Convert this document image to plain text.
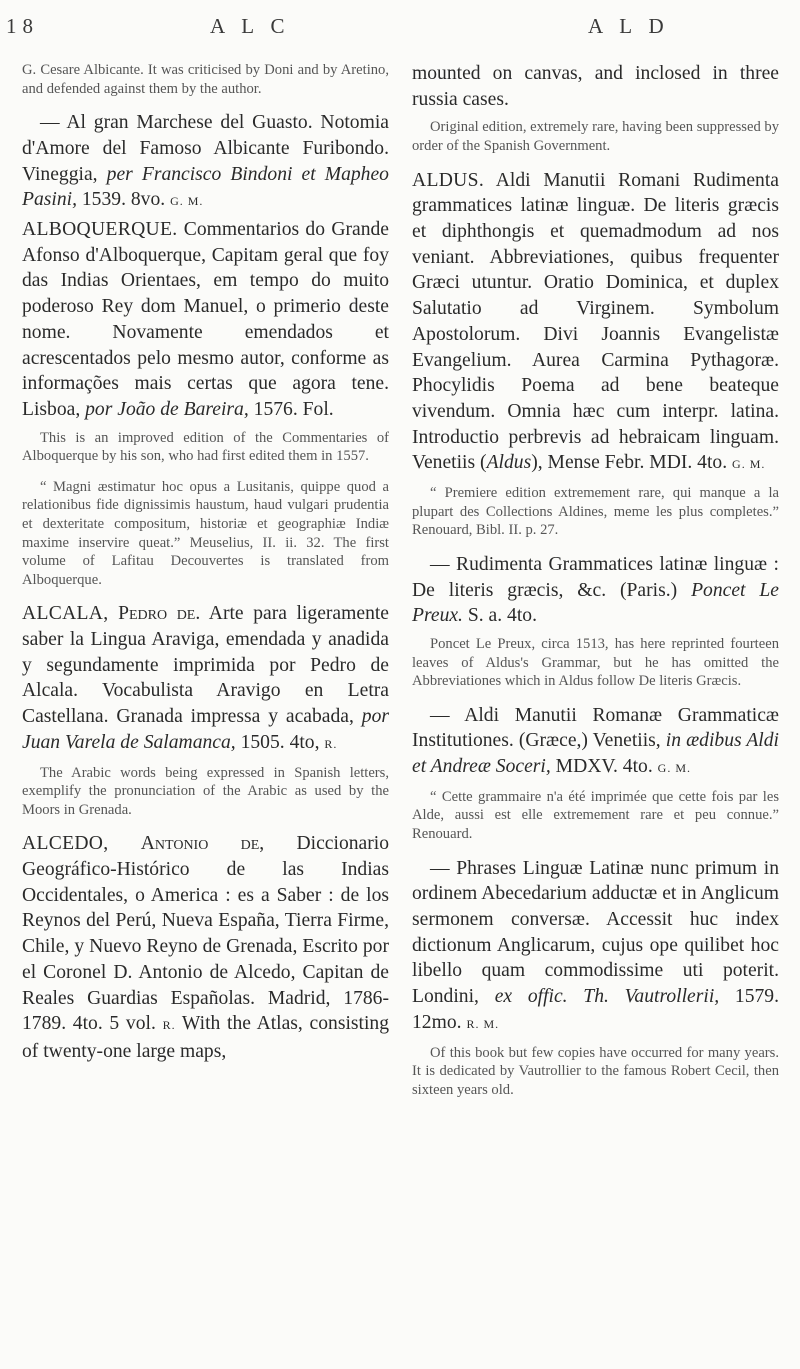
18	A L C	A L D

G. Cesare Albicante. It was criticised by Doni and by Aretino, and defended against them by the author.

— Al gran Marchese del Guasto. Notomia d'Amore del Famoso Albicante Furibondo. Vineggia, per Francisco Bindoni et Mapheo Pasini, 1539. 8vo. G. M.

ALBOQUERQUE. Commentarios do Grande Afonso d'Alboquerque, Capitam geral que foy das Indias Orientaes, em tempo do muito poderoso Rey dom Manuel, o primerio deste nome. Novamente emendados et acrescentados pelo mesmo autor, conforme as informações mais certas que agora tene. Lisboa, por João de Bareira, 1576. Fol.

This is an improved edition of the Commentaries of Alboquerque by his son, who had first edited them in 1557.

“ Magni æstimatur hoc opus a Lusitanis, quippe quod a relationibus fide dignissimis haustum, haud vulgari prudentia et dexteritate compositum, historiæ et geographiæ Indiæ maxime inservire queat.” Meuselius, II. ii. 32. The first volume of Lafitau Decouvertes is translated from Alboquerque.

ALCALA, Pedro de. Arte para ligeramente saber la Lingua Araviga, emendada y anadida y segundamente imprimida por Pedro de Alcala. Vocabulista Aravigo en Letra Castellana. Granada impressa y acabada, por Juan Varela de Salamanca, 1505. 4to, R.

The Arabic words being expressed in Spanish letters, exemplify the pronunciation of the Arabic as used by the Moors in Grenada.

ALCEDO, Antonio de, Diccionario Geográfico-Histórico de las Indias Occidentales, o America : es a Saber : de los Reynos del Perú, Nueva España, Tierra Firme, Chile, y Nuevo Reyno de Grenada, Escrito por el Coronel D. Antonio de Alcedo, Capitan de Reales Guardias Españolas. Madrid, 1786-1789. 4to. 5 vol. R. With the Atlas, consisting of twenty-one large maps,

mounted on canvas, and inclosed in three russia cases.

Original edition, extremely rare, having been suppressed by order of the Spanish Government.

ALDUS. Aldi Manutii Romani Rudimenta grammatices latinæ linguæ. De literis græcis et diphthongis et quemadmodum ad nos veniant. Abbreviationes, quibus frequenter Græci utuntur. Oratio Dominica, et duplex Salutatio ad Virginem. Symbolum Apostolorum. Divi Joannis Evangelistæ Evangelium. Aurea Carmina Pythagoræ. Phocylidis Poema ad bene beateque vivendum. Omnia hæc cum interpr. latina. Introductio perbrevis ad hebraicam linguam. Venetiis (Aldus), Mense Febr. MDI. 4to. G. M.

“ Premiere edition extremement rare, qui manque a la plupart des Collections Aldines, meme les plus completes.” Renouard, Bibl. II. p. 27.

— Rudimenta Grammatices latinæ linguæ : De literis græcis, &c. (Paris.) Poncet Le Preux. S. a. 4to.

Poncet Le Preux, circa 1513, has here reprinted fourteen leaves of Aldus's Grammar, but he has omitted the Abbreviationes which in Aldus follow De literis Græcis.

— Aldi Manutii Romanæ Grammaticæ Institutiones. (Græce,) Venetiis, in ædibus Aldi et Andreæ Soceri, MDXV. 4to. G. M.

“ Cette grammaire n'a été imprimée que cette fois par les Alde, aussi est elle extremement rare et peu connue.” Renouard.

— Phrases Linguæ Latinæ nunc primum in ordinem Abecedarium adductæ et in Anglicum sermonem conversæ. Accessit huc index dictionum Anglicarum, cujus ope quilibet hoc libello quam commodissime uti poterit. Londini, ex offic. Th. Vautrollerii, 1579. 12mo. R. M.

Of this book but few copies have occurred for many years. It is dedicated by Vautrollier to the famous Robert Cecil, then sixteen years old.
